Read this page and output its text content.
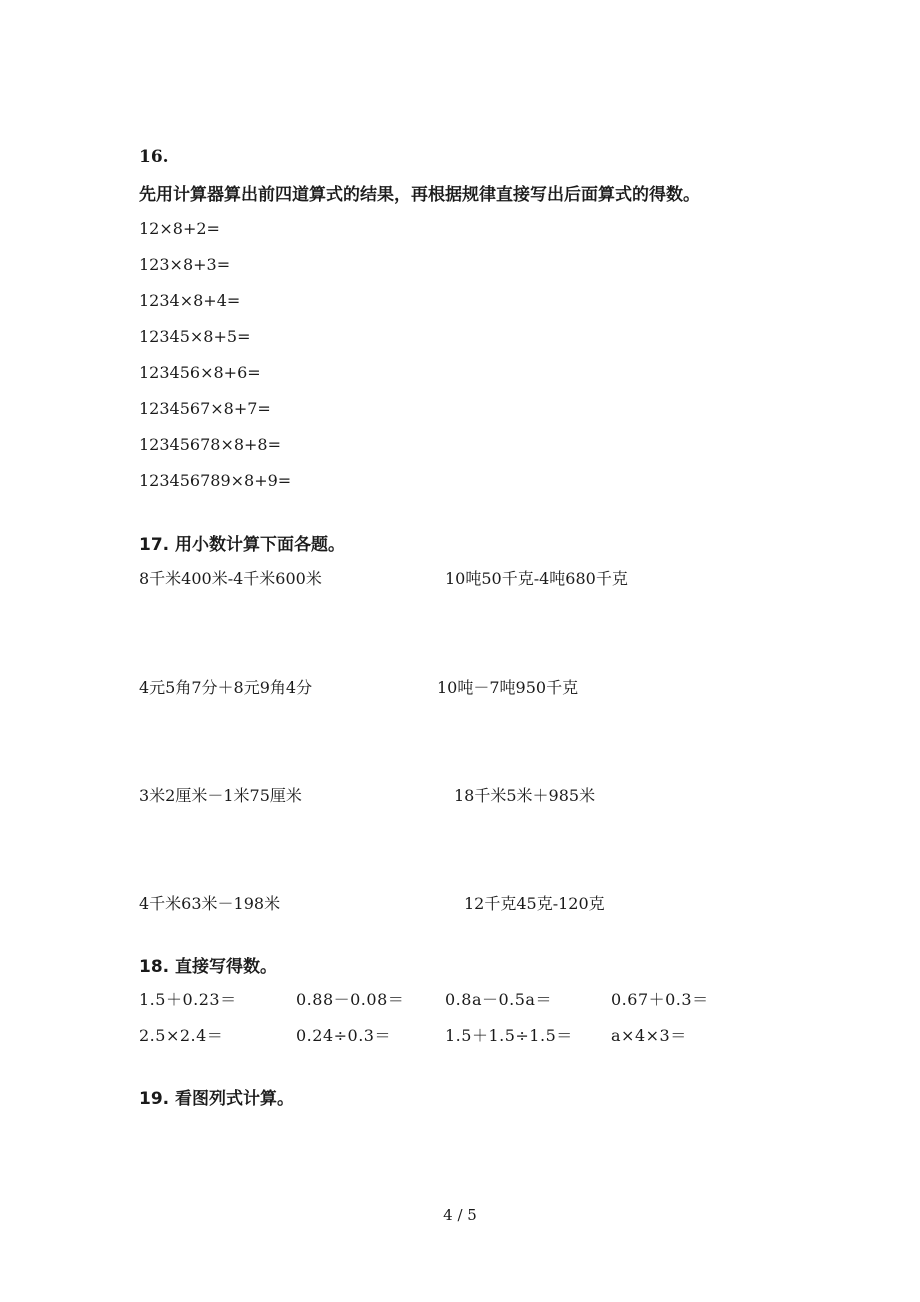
16.
先用计算器算出前四道算式的结果，再根据规律直接写出后面算式的得数。
12×8+2=
123×8+3=
1234×8+4=
12345×8+5=
123456×8+6=
1234567×8+7=
12345678×8+8=
123456789×8+9=
17. 用小数计算下面各题。
8千米400米-4千米600米	10吨50千克-4吨680千克
4元5角7分＋8元9角4分	10吨－7吨950千克
3米2厘米－1米75厘米	18千米5米＋985米
4千米63米－198米	12千克45克-120克
18. 直接写得数。
1.5＋0.23＝	0.88－0.08＝	0.8a－0.5a＝	0.67＋0.3＝
2.5×2.4＝	0.24÷0.3＝	1.5＋1.5÷1.5＝ a×4×3＝
19. 看图列式计算。
4 / 5
